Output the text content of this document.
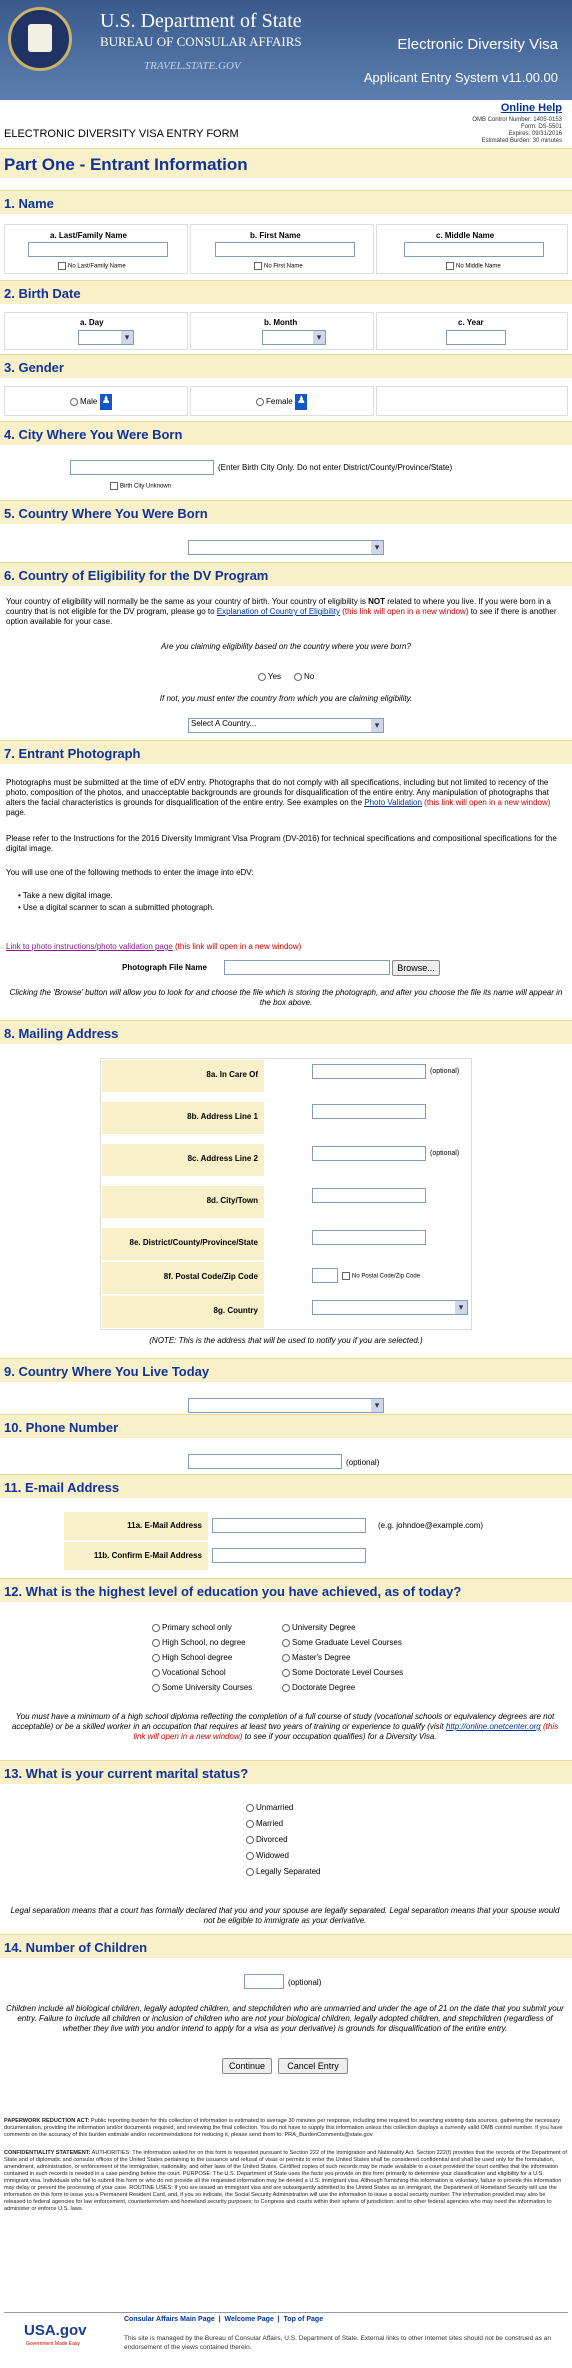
U.S. Department of State
BUREAU OF CONSULAR AFFAIRS
TRAVEL.STATE.GOV
Electronic Diversity Visa
Applicant Entry System v11.00.00
Online Help
OMB Control Number: 1405-0153
Form: DS-5501
Expires: 09/31/2016
Estimated Burden: 30 minutes
ELECTRONIC DIVERSITY VISA ENTRY FORM
Part One - Entrant Information
1. Name
a. Last/Family Name	b. First Name	c. Middle Name
No Last/Family Name	No First Name	No Middle Name
2. Birth Date
a. Day	b. Month	c. Year
▾
▾
3. Gender
Male ♟	Female ♟
4. City Where You Were Born
(Enter Birth City Only. Do not enter District/County/Province/State)
Birth City Unknown
5. Country Where You Were Born
▾
6. Country of Eligibility for the DV Program
Your country of eligibility will normally be the same as your country of birth. Your country of eligibility is NOT related to where you live. If you were born in a country that is not eligible for the DV program, please go to Explanation of Country of Eligibility (this link will open in a new window) to see if there is another option available for your case.
Are you claiming eligibility based on the country where you were born?
Yes	No
If not, you must enter the country from which you are claiming eligibility.
Select A Country... ▾
7. Entrant Photograph
Photographs must be submitted at the time of eDV entry. Photographs that do not comply with all specifications, including but not limited to recency of the photo, composition of the photos, and unacceptable backgrounds are grounds for disqualification of the entire entry. Any manipulation of photographs that alters the facial characteristics is grounds for disqualification of the entire entry. See examples on the Photo Validation (this link will open in a new window) page.
Please refer to the Instructions for the 2016 Diversity Immigrant Visa Program (DV-2016) for technical specifications and compositional specifications for the digital image.
You will use one of the following methods to enter the image into eDV:
• Take a new digital image.
• Use a digital scanner to scan a submitted photograph.
Link to photo instructions/photo validation page (this link will open in a new window)
Photograph File Name	Browse...
Clicking the 'Browse' button will allow you to look for and choose the file which is storing the photograph, and after you choose the file its name will appear in the box above.
8. Mailing Address
8a. In Care Of	(optional)
8b. Address Line 1
8c. Address Line 2
(optional)
8d. City/Town
8e. District/County/Province/State
8f. Postal Code/Zip Code	No Postal Code/Zip Code
8g. Country
▾
(NOTE: This is the address that will be used to notify you if you are selected.)
9. Country Where You Live Today
▾
10. Phone Number
(optional)
11. E-mail Address
11a. E-Mail Address	(e.g. johndoe@example.com)
11b. Confirm E-Mail Address
12. What is the highest level of education you have achieved, as of today?
Primary school only
High School, no degree
High School degree
Vocational School
Some University Courses
University Degree
Some Graduate Level Courses
Master's Degree
Some Doctorate Level Courses
Doctorate Degree
You must have a minimum of a high school diploma reflecting the completion of a full course of study (vocational schools or equivalency degrees are not acceptable) or be a skilled worker in an occupation that requires at least two years of training or experience to qualify (visit http://online.onetcenter.org (this link will open in a new window) to see if your occupation qualifies) for a Diversity Visa.
13. What is your current marital status?
Unmarried
Married
Divorced
Widowed
Legally Separated
Legal separation means that a court has formally declared that you and your spouse are legally separated. Legal separation means that your spouse would not be eligible to immigrate as your derivative.
14. Number of Children
(optional)
Children include all biological children, legally adopted children, and stepchildren who are unmarried and under the age of 21 on the date that you submit your entry. Failure to include all children or inclusion of children who are not your biological children, legally adopted children, and stepchildren (regardless of whether they live with you and/or intend to apply for a visa as your derivative) is grounds for disqualification of the entire entry.
Continue	Cancel Entry
PAPERWORK REDUCTION ACT: Public reporting burden for this collection of information is estimated to average 30 minutes per response, including time required for searching existing data sources, gathering the necessary documentation, providing the information and/or documents required, and reviewing the final collection. You do not have to supply this information unless this collection displays a currently valid OMB control number. If you have comments on the accuracy of this burden estimate and/or recommendations for reducing it, please send them to: PRA_BurdenComments@state.gov.
CONFIDENTIALITY STATEMENT: AUTHORITIES: The information asked for on this form is requested pursuant to Section 222 of the Immigration and Nationality Act. Section 222(f) provides that the records of the Department of State and of diplomatic and consular offices of the United States pertaining to the issuance and refusal of visas or permits to enter the United States shall be considered confidential and shall be used only for the formulation, amendment, administration, or enforcement of the immigration, nationality, and other laws of the United States. Certified copies of such records may be made available to a court provided the court certifies that the information contained in such records is needed in a case pending before the court. PURPOSE: The U.S. Department of State uses the facts you provide on this form primarily to determine your classification and eligibility for a U.S. immigrant visa. Individuals who fail to submit this form or who do not provide all the requested information may be denied a U.S. immigrant visa. Although furnishing this information is voluntary, failure to provide this information may delay or prevent the processing of your case. ROUTINE USES: If you are issued an immigrant visa and are subsequently admitted to the United States as an immigrant, the Department of Homeland Security will use the information on this form to issue you a Permanent Resident Card, and, if you so indicate, the Social Security Administration will use the information to issue a social security number. The information provided may also be released to federal agencies for law enforcement, counterterrorism and homeland security purposes; to Congress and courts within their sphere of jurisdiction; and to other federal agencies who may need the information to administer or enforce U.S. laws.
USA.gov
Government Made Easy
Consular Affairs Main Page  |  Welcome Page  |  Top of Page
This site is managed by the Bureau of Consular Affairs, U.S. Department of State. External links to other Internet sites should not be construed as an endorsement of the views contained therein.
